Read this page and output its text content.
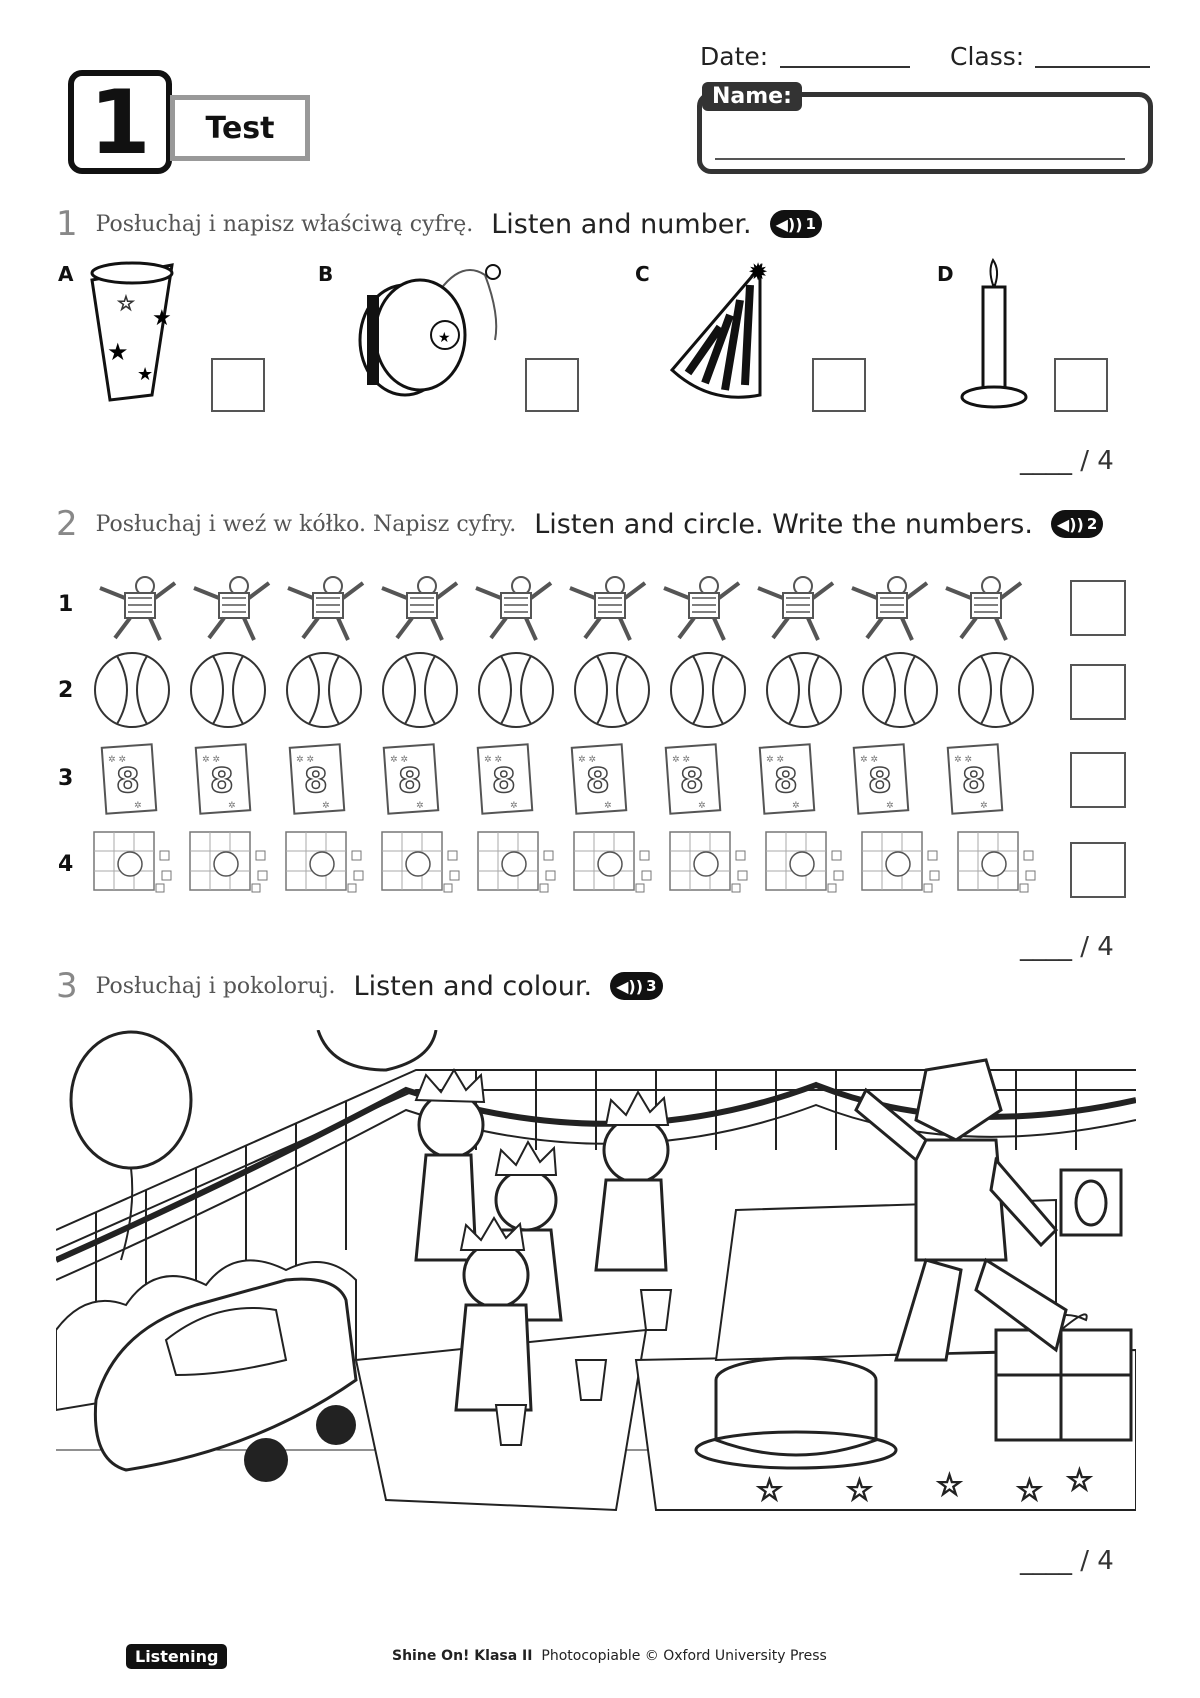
1 Test
Date:	Class:
Name:
1 Posłuchaj i napisz właściwą cyfrę. Listen and number. ◀︎)) 1
A
★
★
★
☆
B
★
C	✹	D
____ / 4
2 Posłuchaj i weź w kółko. Napisz cyfry. Listen and circle. Write the numbers. ◀︎)) 2
1
2
3
4
____ / 4
3 Posłuchaj i pokoloruj. Listen and colour. ◀︎)) 3
☆ ☆ ☆ ☆ ☆
____ / 4
Listening	Shine On! Klasa II Photocopiable © Oxford University Press
